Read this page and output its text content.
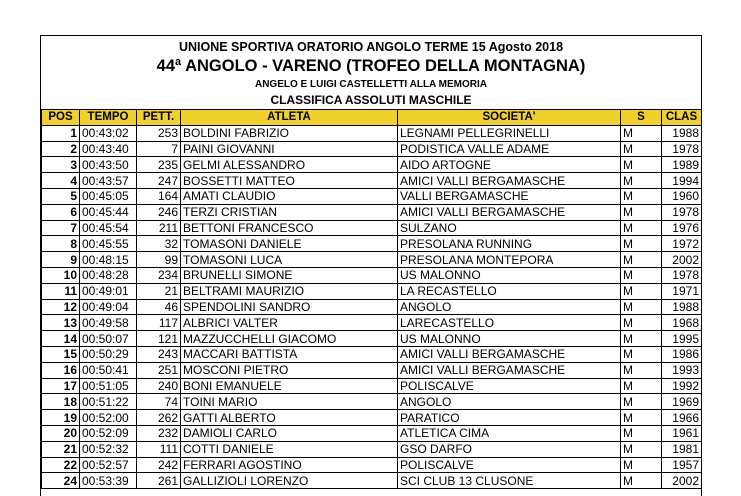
UNIONE SPORTIVA ORATORIO ANGOLO TERME 15 Agosto 2018
44ª ANGOLO - VARENO (TROFEO DELLA MONTAGNA)
ANGELO E LUIGI CASTELLETTI ALLA MEMORIA
CLASSIFICA ASSOLUTI MASCHILE
POS	TEMPO	PETT.	ATLETA	SOCIETA'	S	CLAS
1	00:43:02	253	BOLDINI FABRIZIO	LEGNAMI PELLEGRINELLI	M	1988
2	00:43:40	7	PAINI GIOVANNI	PODISTICA VALLE ADAME	M	1978
3	00:43:50	235	GELMI ALESSANDRO	AIDO ARTOGNE	M	1989
4	00:43:57	247	BOSSETTI MATTEO	AMICI VALLI BERGAMASCHE	M	1994
5	00:45:05	164	AMATI CLAUDIO	VALLI BERGAMASCHE	M	1960
6	00:45:44	246	TERZI CRISTIAN	AMICI VALLI BERGAMASCHE	M	1978
7	00:45:54	211	BETTONI FRANCESCO	SULZANO	M	1976
8	00:45:55	32	TOMASONI DANIELE	PRESOLANA RUNNING	M	1972
9	00:48:15	99	TOMASONI LUCA	PRESOLANA MONTEPORA	M	2002
10	00:48:28	234	BRUNELLI SIMONE	US MALONNO	M	1978
11	00:49:01	21	BELTRAMI MAURIZIO	LA RECASTELLO	M	1971
12	00:49:04	46	SPENDOLINI SANDRO	ANGOLO	M	1988
13	00:49:58	117	ALBRICI VALTER	LARECASTELLO	M	1968
14	00:50:07	121	MAZZUCCHELLI GIACOMO	US MALONNO	M	1995
15	00:50:29	243	MACCARI BATTISTA	AMICI VALLI BERGAMASCHE	M	1986
16	00:50:41	251	MOSCONI PIETRO	AMICI VALLI BERGAMASCHE	M	1993
17	00:51:05	240	BONI EMANUELE	POLISCALVE	M	1992
18	00:51:22	74	TOINI MARIO	ANGOLO	M	1969
19	00:52:00	262	GATTI ALBERTO	PARATICO	M	1966
20	00:52:09	232	DAMIOLI CARLO	ATLETICA CIMA	M	1961
21	00:52:32	111	COTTI DANIELE	GSO DARFO	M	1981
22	00:52:57	242	FERRARI AGOSTINO	POLISCALVE	M	1957
24	00:53:39	261	GALLIZIOLI LORENZO	SCI CLUB 13 CLUSONE	M	2002
